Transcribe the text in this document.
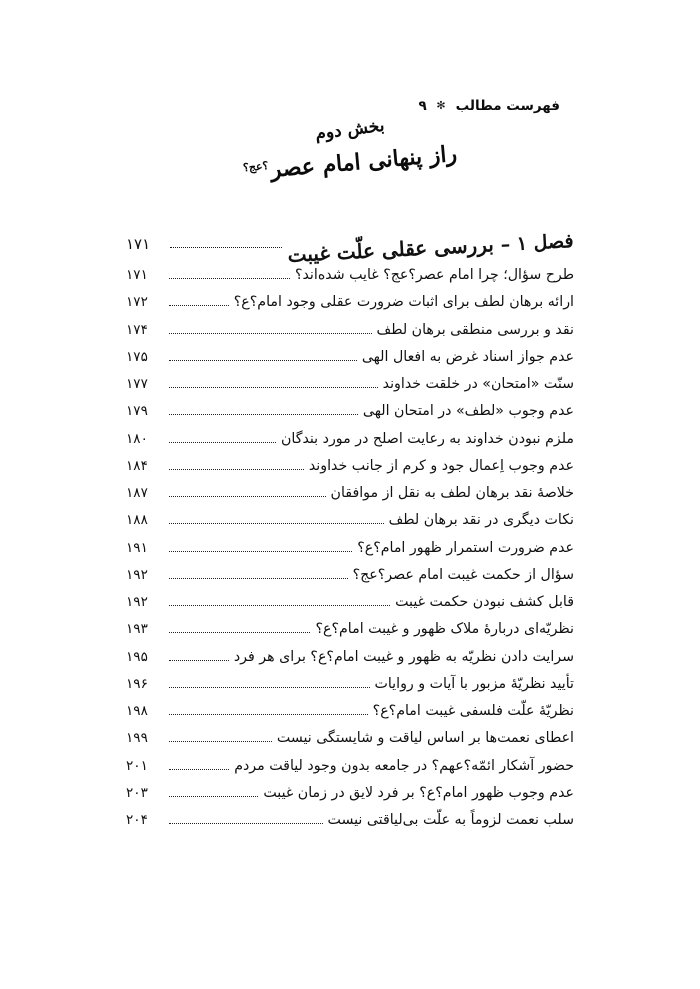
فهرست مطالب ✻ ۹
بخش دوم
راز پنهانی امام عصر$^{؟عج؟}$
فصل ۱ – بررسی عقلی علّت غیبت
۱۷۱
طرح سؤال؛ چرا امام عصر؟عج؟ غایب شده‌اند؟
۱۷۱
ارائه برهان لطف برای اثبات ضرورت عقلی وجود امام؟ع؟
۱۷۲
نقد و بررسی منطقی برهان لطف
۱۷۴
عدم جواز اسناد غرض به افعال الهی
۱۷۵
سنّت «امتحان» در خلقت خداوند
۱۷۷
عدم وجوب «لطف» در امتحان الهی
۱۷۹
ملزم نبودن خداوند به رعایت اصلح در مورد بندگان
۱۸۰
عدم وجوب اِعمال جود و کرم از جانب خداوند
۱۸۴
خلاصهٔ نقد برهان لطف به نقل از موافقان
۱۸۷
نکات دیگری در نقد برهان لطف
۱۸۸
عدم ضرورت استمرار ظهور امام؟ع؟
۱۹۱
سؤال از حکمت غیبت امام عصر؟عج؟
۱۹۲
قابل کشف نبودن حکمت غیبت
۱۹۲
نظریّه‌ای دربارهٔ ملاک ظهور و غیبت امام؟ع؟
۱۹۳
سرایت دادن نظریّه به ظهور و غیبت امام؟ع؟ برای هر فرد
۱۹۵
تأیید نظریّهٔ مزبور با آیات و روایات
۱۹۶
نظریّهٔ علّت فلسفی غیبت امام؟ع؟
۱۹۸
اعطای نعمت‌ها بر اساس لیاقت و شایستگی نیست
۱۹۹
حضور آشکار ائمّه؟عهم؟ در جامعه بدون وجود لیاقت مردم
۲۰۱
عدم وجوب ظهور امام؟ع؟ بر فرد لایق در زمان غیبت
۲۰۳
سلب نعمت لزوماً به علّت بی‌لیاقتی نیست
۲۰۴
